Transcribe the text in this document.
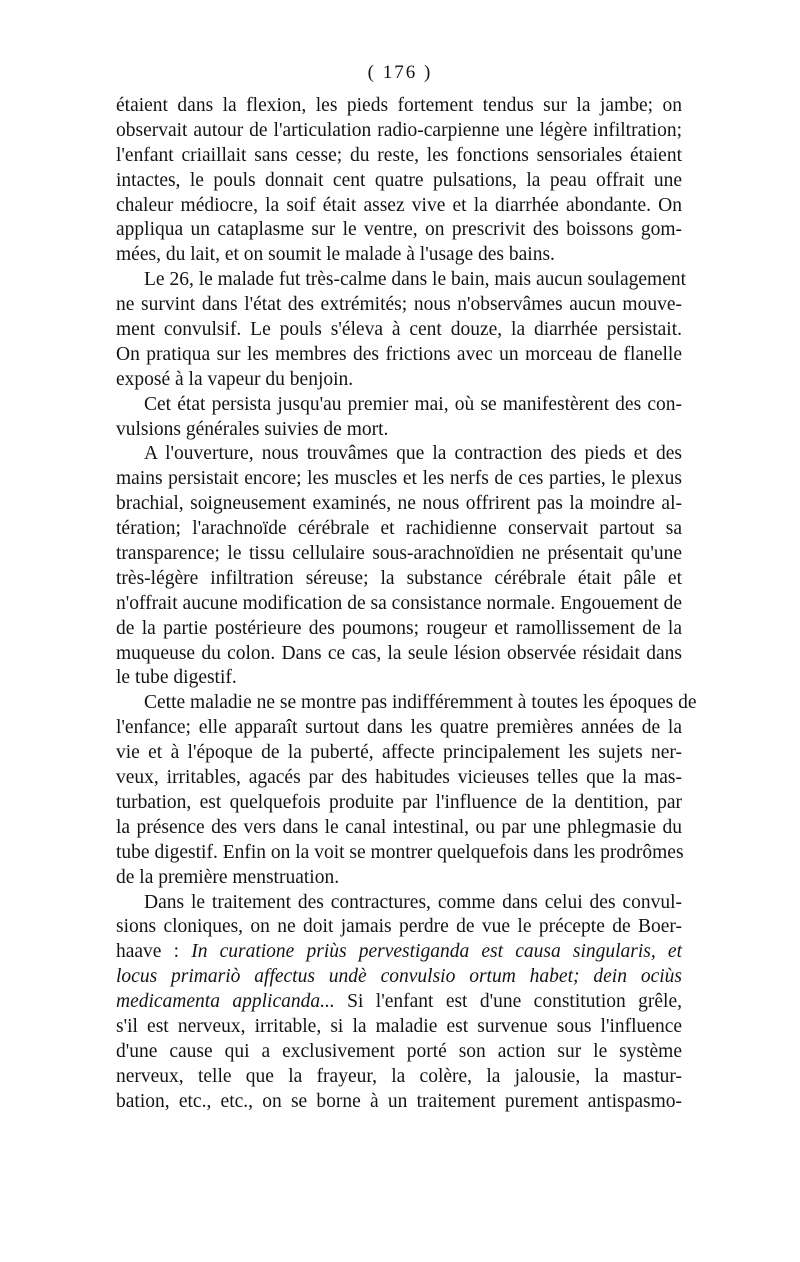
( 176 )
étaient dans la flexion, les pieds fortement tendus sur la jambe; on
observait autour de l'articulation radio-carpienne une légère infiltration;
l'enfant criaillait sans cesse; du reste, les fonctions sensoriales étaient
intactes, le pouls donnait cent quatre pulsations, la peau offrait une
chaleur médiocre, la soif était assez vive et la diarrhée abondante. On
appliqua un cataplasme sur le ventre, on prescrivit des boissons gom-
mées, du lait, et on soumit le malade à l'usage des bains.
Le 26, le malade fut très-calme dans le bain, mais aucun soulagement
ne survint dans l'état des extrémités; nous n'observâmes aucun mouve-
ment convulsif. Le pouls s'éleva à cent douze, la diarrhée persistait.
On pratiqua sur les membres des frictions avec un morceau de flanelle
exposé à la vapeur du benjoin.
Cet état persista jusqu'au premier mai, où se manifestèrent des con-
vulsions générales suivies de mort.
A l'ouverture, nous trouvâmes que la contraction des pieds et des
mains persistait encore; les muscles et les nerfs de ces parties, le plexus
brachial, soigneusement examinés, ne nous offrirent pas la moindre al-
tération; l'arachnoïde cérébrale et rachidienne conservait partout sa
transparence; le tissu cellulaire sous-arachnoïdien ne présentait qu'une
très-légère infiltration séreuse; la substance cérébrale était pâle et
n'offrait aucune modification de sa consistance normale. Engouement de
de la partie postérieure des poumons; rougeur et ramollissement de la
muqueuse du colon. Dans ce cas, la seule lésion observée résidait dans
le tube digestif.
Cette maladie ne se montre pas indifféremment à toutes les époques de
l'enfance; elle apparaît surtout dans les quatre premières années de la
vie et à l'époque de la puberté, affecte principalement les sujets ner-
veux, irritables, agacés par des habitudes vicieuses telles que la mas-
turbation, est quelquefois produite par l'influence de la dentition, par
la présence des vers dans le canal intestinal, ou par une phlegmasie du
tube digestif. Enfin on la voit se montrer quelquefois dans les prodrômes
de la première menstruation.
Dans le traitement des contractures, comme dans celui des convul-
sions cloniques, on ne doit jamais perdre de vue le précepte de Boer-
haave : In curatione priùs pervestiganda est causa singularis, et
locus primariò affectus undè convulsio ortum habet; dein ociùs
medicamenta applicanda... Si l'enfant est d'une constitution grêle,
s'il est nerveux, irritable, si la maladie est survenue sous l'influence
d'une cause qui a exclusivement porté son action sur le système
nerveux, telle que la frayeur, la colère, la jalousie, la mastur-
bation, etc., etc., on se borne à un traitement purement antispasmo-
